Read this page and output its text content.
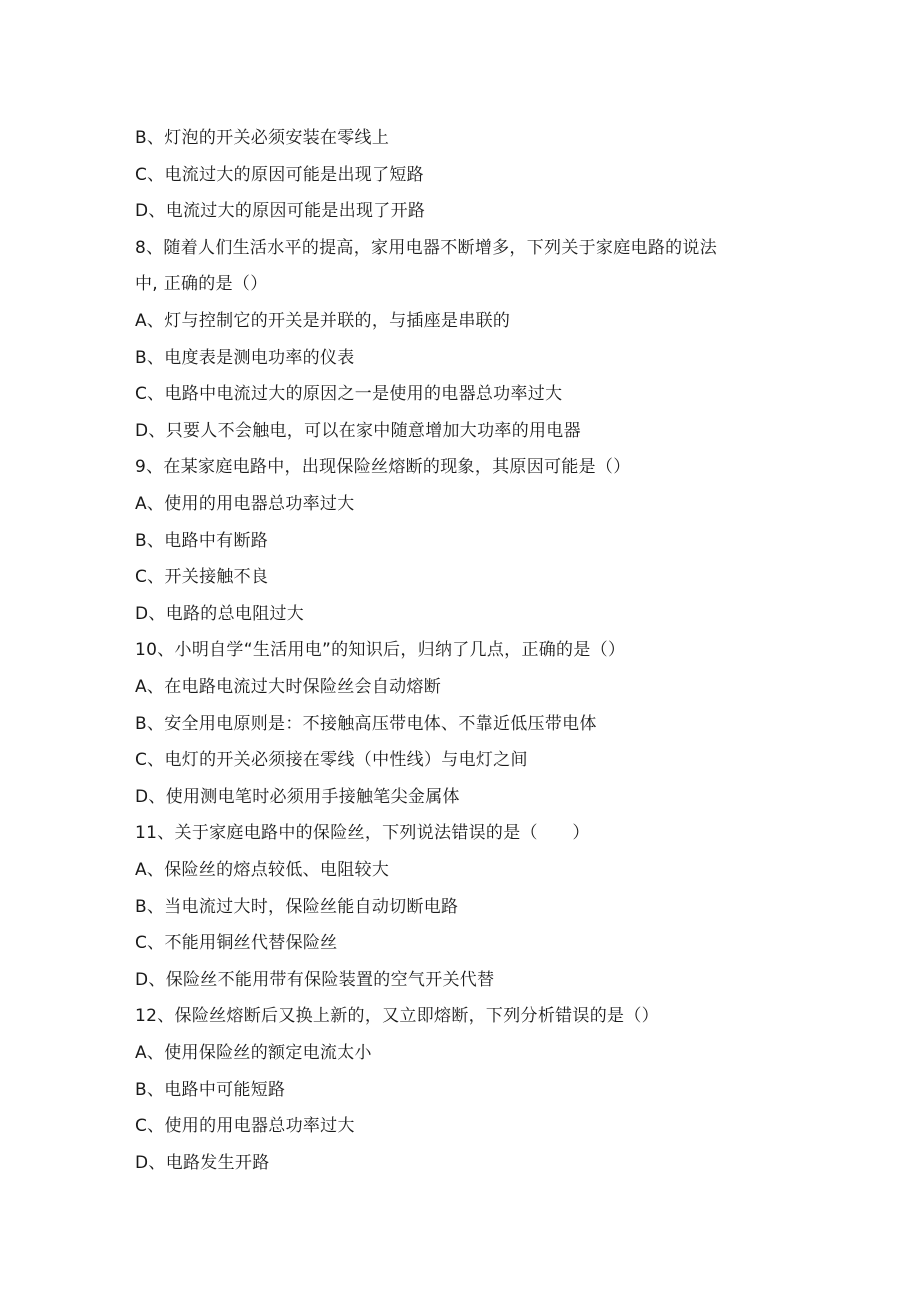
B、灯泡的开关必须安装在零线上
C、电流过大的原因可能是出现了短路
D、电流过大的原因可能是出现了开路
8、随着人们生活水平的提高，家用电器不断增多，下列关于家庭电路的说法
中, 正确的是（）
A、灯与控制它的开关是并联的，与插座是串联的
B、电度表是测电功率的仪表
C、电路中电流过大的原因之一是使用的电器总功率过大
D、只要人不会触电，可以在家中随意增加大功率的用电器
9、在某家庭电路中，出现保险丝熔断的现象，其原因可能是（）
A、使用的用电器总功率过大
B、电路中有断路
C、开关接触不良
D、电路的总电阻过大
10、小明自学“生活用电”的知识后，归纳了几点，正确的是（）
A、在电路电流过大时保险丝会自动熔断
B、安全用电原则是：不接触高压带电体、不靠近低压带电体
C、电灯的开关必须接在零线（中性线）与电灯之间
D、使用测电笔时必须用手接触笔尖金属体
11、关于家庭电路中的保险丝，下列说法错误的是（　　）
A、保险丝的熔点较低、电阻较大
B、当电流过大时，保险丝能自动切断电路
C、不能用铜丝代替保险丝
D、保险丝不能用带有保险装置的空气开关代替
12、保险丝熔断后又换上新的，又立即熔断，下列分析错误的是（）
A、使用保险丝的额定电流太小
B、电路中可能短路
C、使用的用电器总功率过大
D、电路发生开路
